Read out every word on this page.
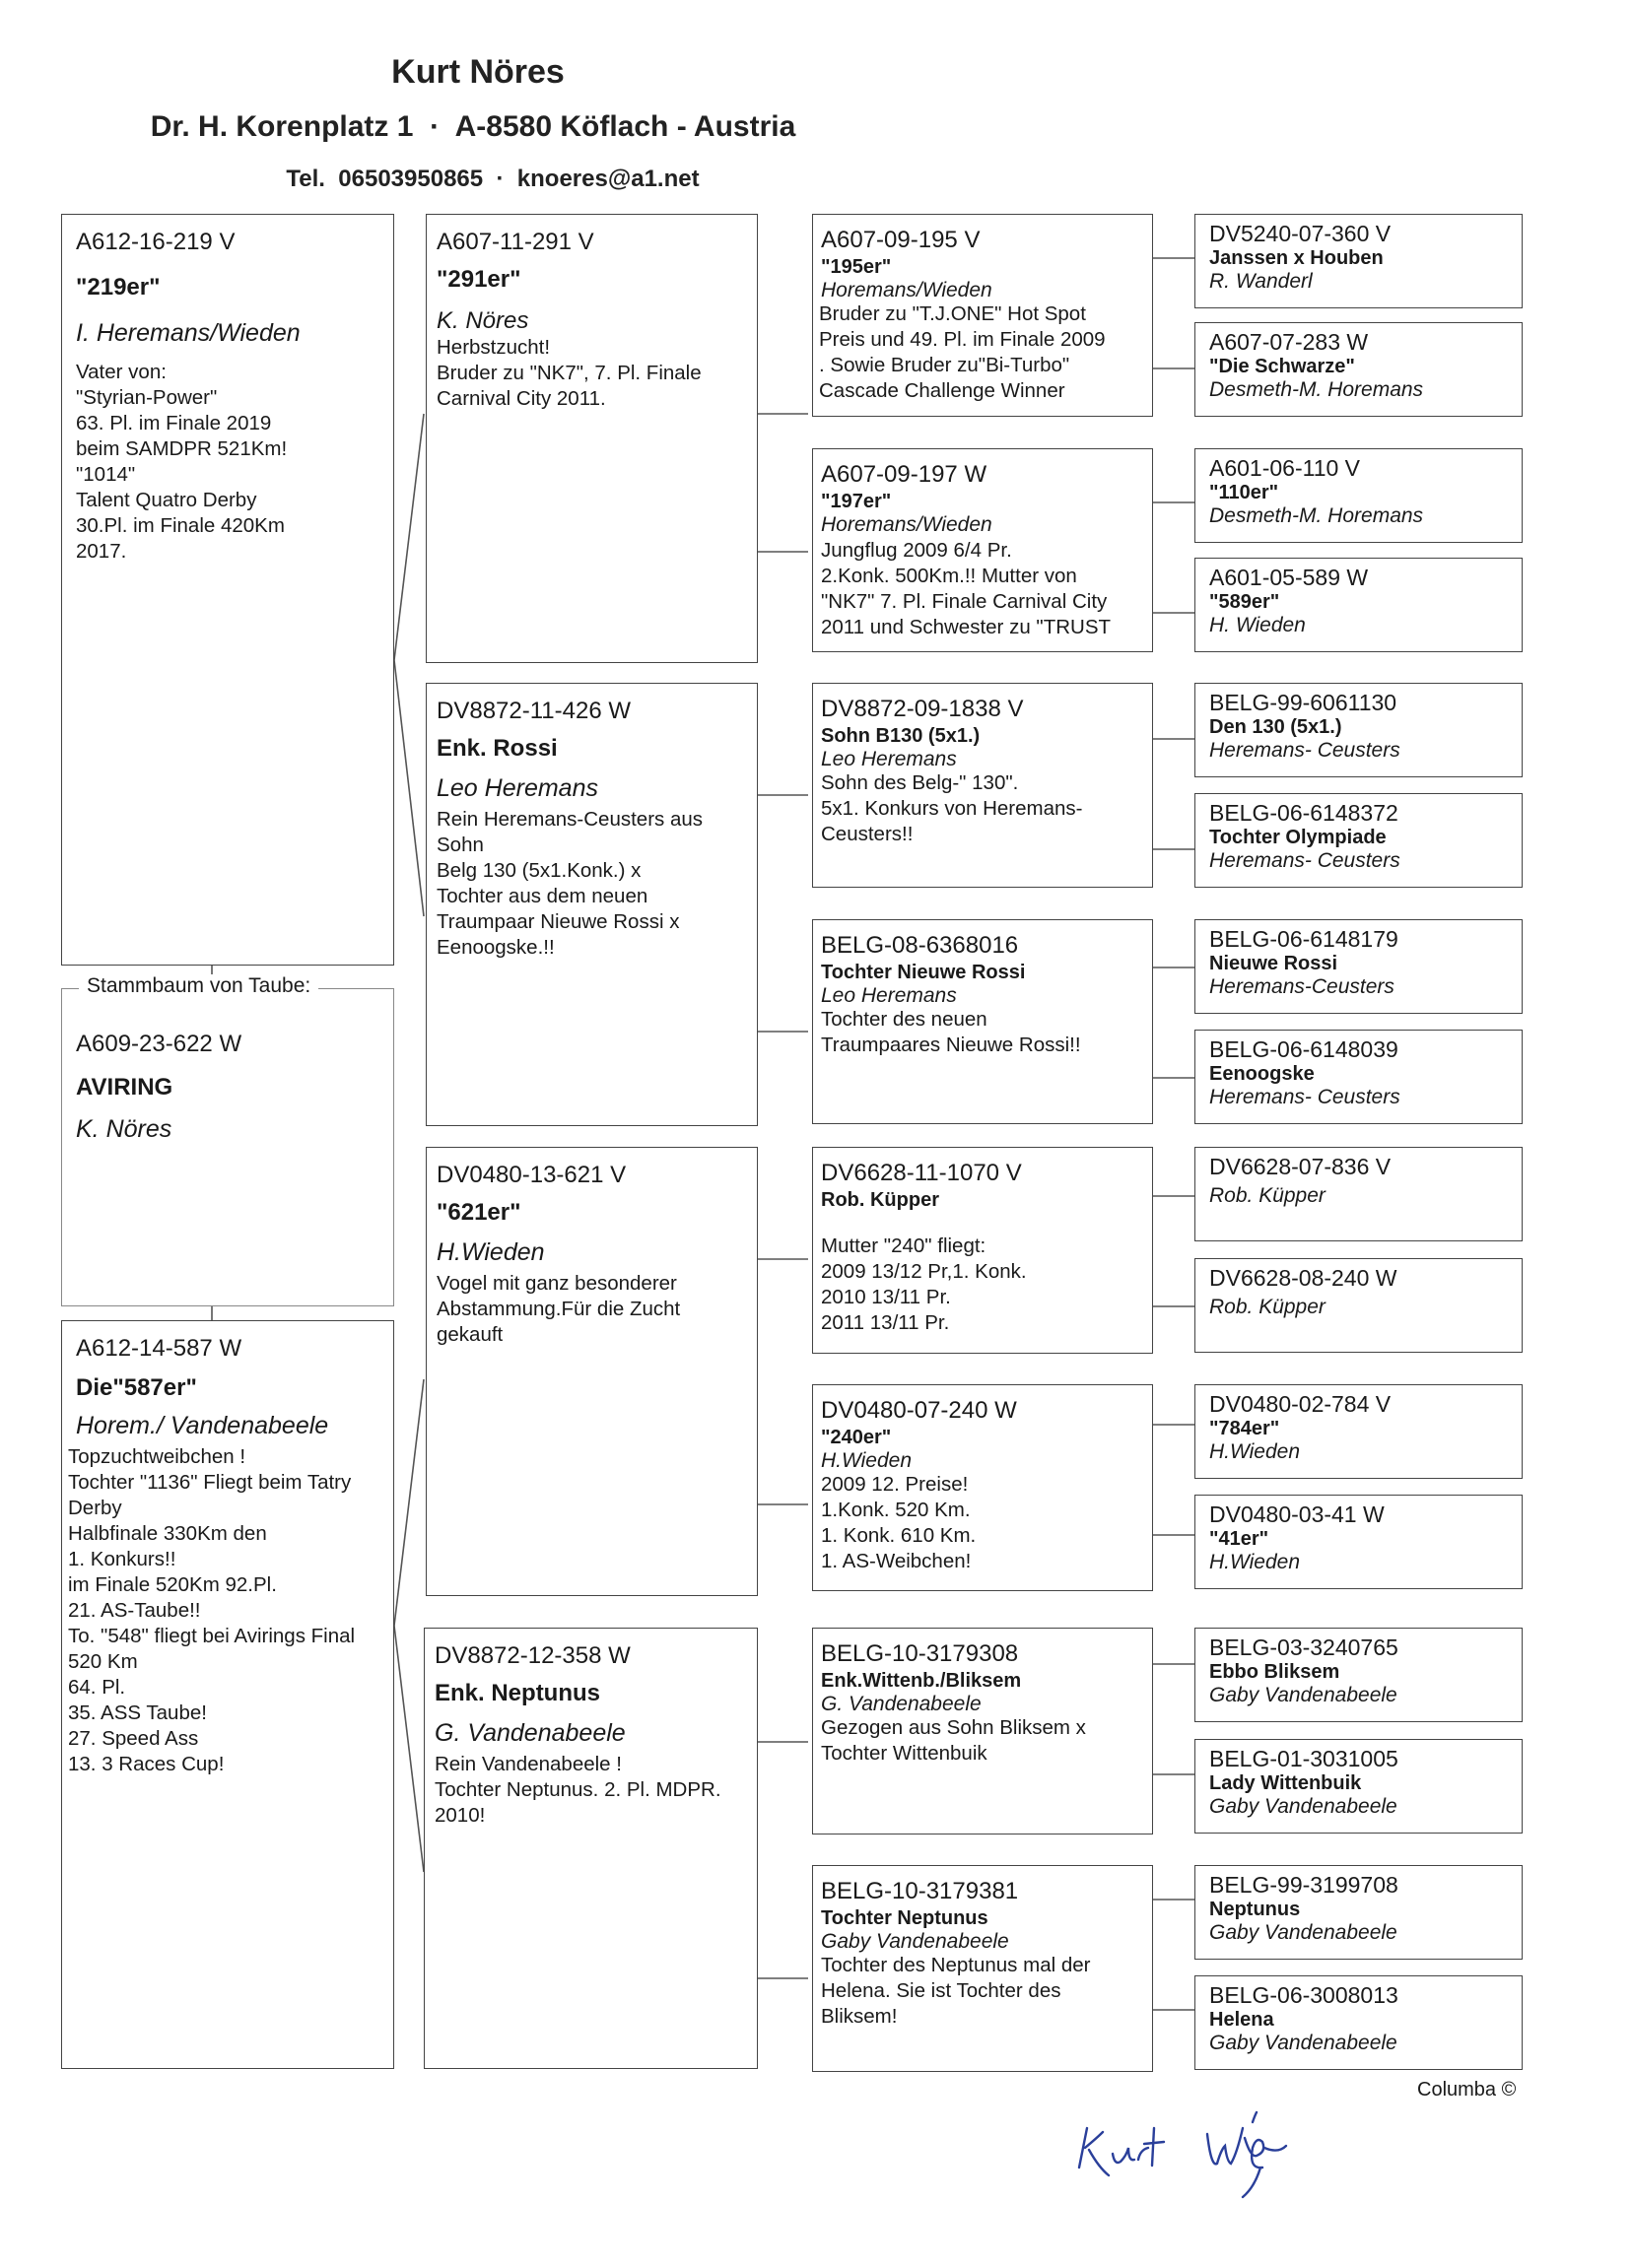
Kurt Nöres
Dr. H. Korenplatz 1  ·  A-8580 Köflach - Austria
Tel.  06503950865  ·  knoeres@a1.net
A612-16-219 V
"219er"
I. Heremans/Wieden
Vater von:
"Styrian-Power"
63. Pl. im Finale 2019
beim SAMDPR 521Km!
"1014"
Talent Quatro Derby
30.Pl. im Finale 420Km
2017.
A609-23-622 W
AVIRING
K. Nöres
Stammbaum von Taube:
A612-14-587 W
Die"587er"
Horem./ Vandenabeele
Topzuchtweibchen !
Tochter "1136" Fliegt beim Tatry
Derby
Halbfinale 330Km den
1. Konkurs!!
im Finale 520Km 92.Pl.
21. AS-Taube!!
To. "548" fliegt bei Avirings Final
520 Km
64. Pl.
35. ASS Taube!
27. Speed Ass
13. 3 Races Cup!
A607-11-291 V
"291er"
K. Nöres
Herbstzucht!
Bruder zu "NK7", 7. Pl. Finale
Carnival City 2011.
DV8872-11-426 W
Enk. Rossi
Leo Heremans
Rein Heremans-Ceusters aus
Sohn
Belg 130 (5x1.Konk.) x
Tochter aus dem neuen
Traumpaar Nieuwe Rossi x
Eenoogske.!!
DV0480-13-621 V
"621er"
H.Wieden
Vogel mit ganz besonderer
Abstammung.Für die Zucht
gekauft
DV8872-12-358 W
Enk. Neptunus
G. Vandenabeele
Rein Vandenabeele !
Tochter Neptunus. 2. Pl. MDPR.
2010!
A607-09-195 V
"195er"
Horemans/Wieden
Bruder zu "T.J.ONE" Hot Spot
Preis und 49. Pl. im Finale 2009
. Sowie Bruder zu"Bi-Turbo"
Cascade Challenge Winner
A607-09-197 W
"197er"
Horemans/Wieden
Jungflug 2009 6/4 Pr.
2.Konk. 500Km.!! Mutter von
"NK7" 7. Pl. Finale Carnival City
2011 und Schwester zu "TRUST
DV8872-09-1838 V
Sohn B130 (5x1.)
Leo Heremans
Sohn des Belg-" 130".
5x1. Konkurs von Heremans-
Ceusters!!
BELG-08-6368016
Tochter Nieuwe Rossi
Leo Heremans
Tochter des neuen
Traumpaares Nieuwe Rossi!!
DV6628-11-1070 V
Rob. Küpper
Mutter "240" fliegt:
2009 13/12 Pr,1. Konk.
2010 13/11 Pr.
2011 13/11 Pr.
DV0480-07-240 W
"240er"
H.Wieden
2009 12. Preise!
1.Konk. 520 Km.
1. Konk. 610 Km.
1. AS-Weibchen!
BELG-10-3179308
Enk.Wittenb./Bliksem
G. Vandenabeele
Gezogen aus Sohn Bliksem x
Tochter Wittenbuik
BELG-10-3179381
Tochter Neptunus
Gaby Vandenabeele
Tochter des Neptunus mal der
Helena. Sie ist Tochter des
Bliksem!
DV5240-07-360 V
Janssen x Houben
R. Wanderl
A607-07-283 W
"Die Schwarze"
Desmeth-M. Horemans
A601-06-110 V
"110er"
Desmeth-M. Horemans
A601-05-589 W
"589er"
H. Wieden
BELG-99-6061130
Den 130 (5x1.)
Heremans- Ceusters
BELG-06-6148372
Tochter Olympiade
Heremans- Ceusters
BELG-06-6148179
Nieuwe Rossi
Heremans-Ceusters
BELG-06-6148039
Eenoogske
Heremans- Ceusters
DV6628-07-836 V
Rob. Küpper
DV6628-08-240 W
Rob. Küpper
DV0480-02-784 V
"784er"
H.Wieden
DV0480-03-41 W
"41er"
H.Wieden
BELG-03-3240765
Ebbo Bliksem
Gaby Vandenabeele
BELG-01-3031005
Lady Wittenbuik
Gaby Vandenabeele
BELG-99-3199708
Neptunus
Gaby Vandenabeele
BELG-06-3008013
Helena
Gaby Vandenabeele
Columba ©
